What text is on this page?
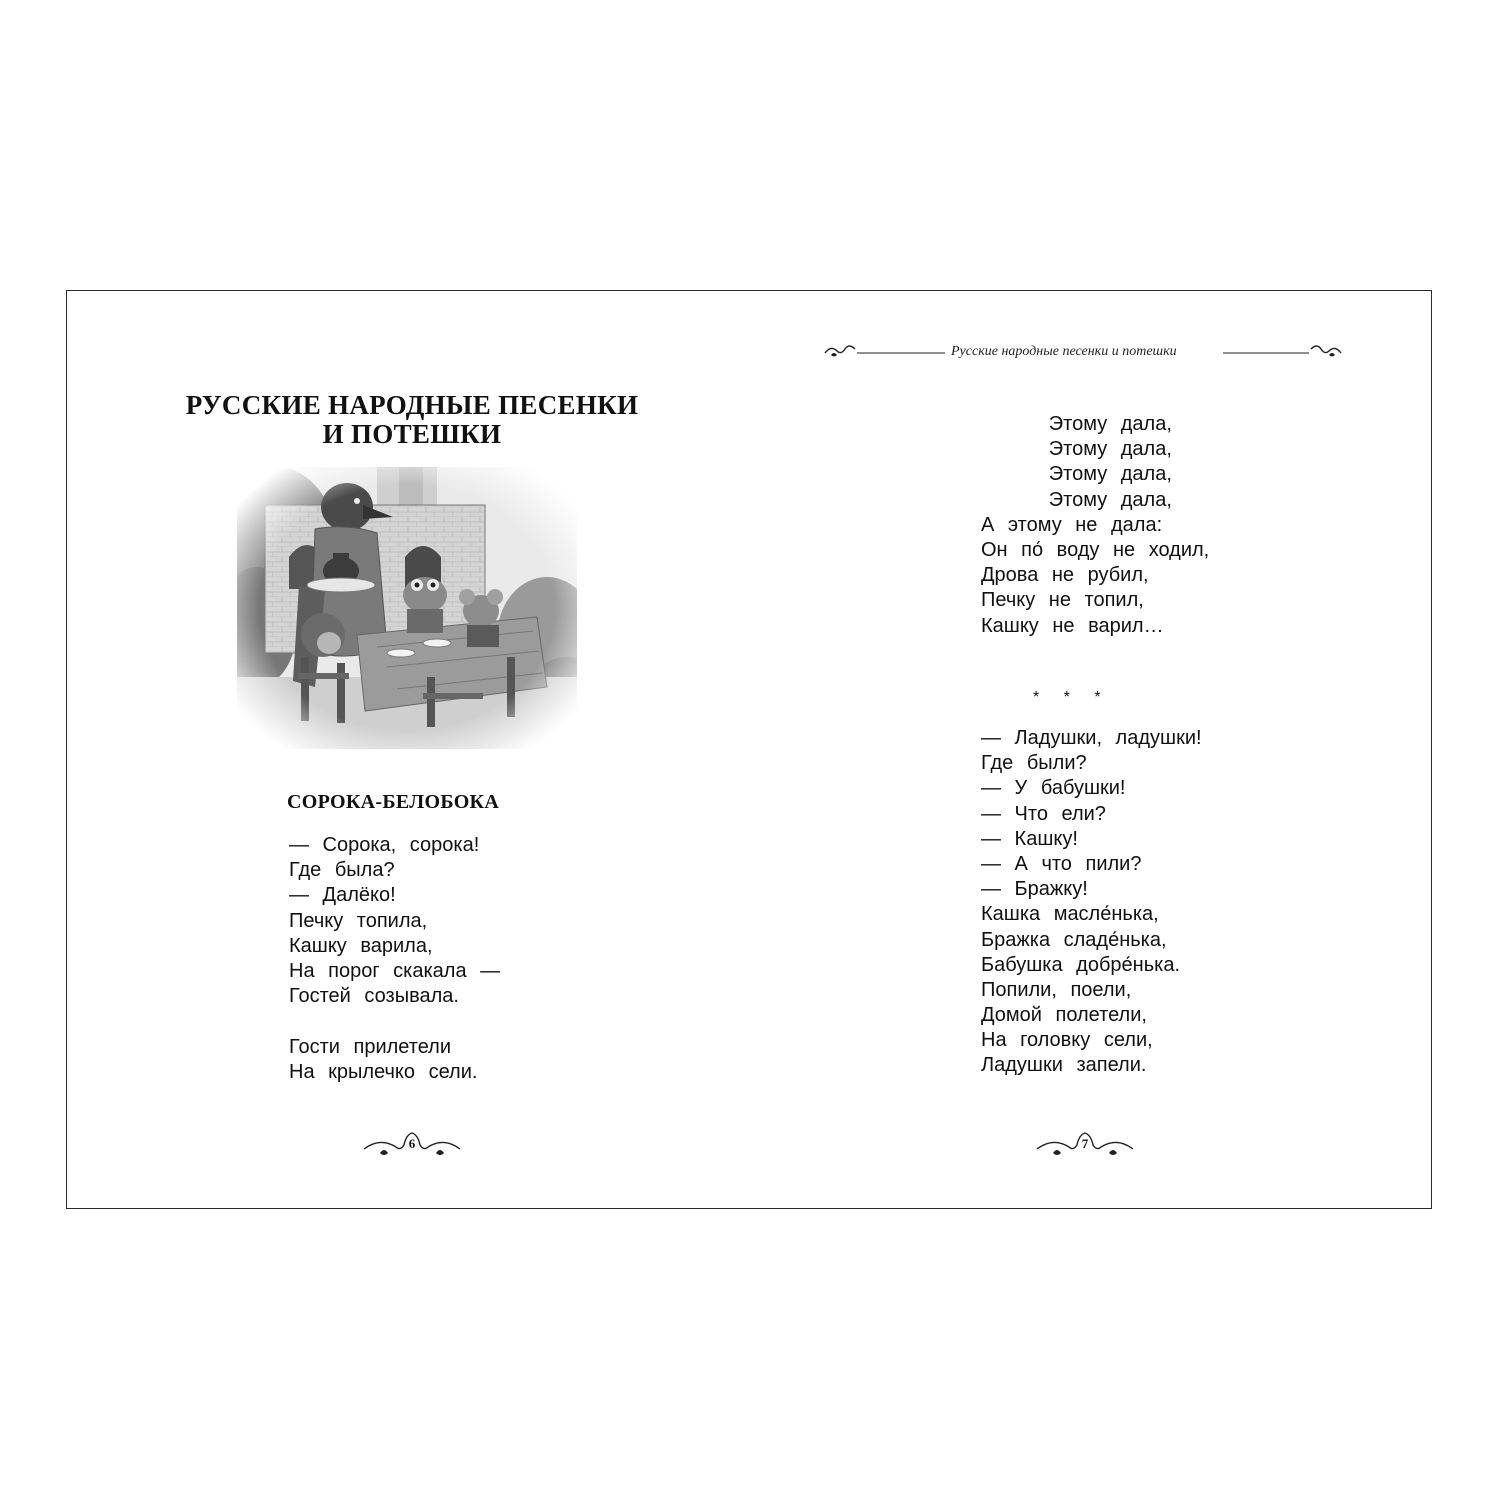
РУССКИЕ НАРОДНЫЕ ПЕСЕНКИ
И ПОТЕШКИ
СОРОКА-БЕЛОБОКА
— Сорока, сорока!
Где была?
— Далёко!
Печку топила,
Кашку варила,
На порог скакала —
Гостей созывала.
Гости прилетели
На крылечко сели.
6
Русские народные песенки и потешки
Этому дала,
Этому дала,
Этому дала,
Этому дала,
А этому не дала:
Он по́ воду не ходил,
Дрова не рубил,
Печку не топил,
Кашку не варил…
* * *
— Ладушки, ладушки!
Где были?
— У бабушки!
— Что ели?
— Кашку!
— А что пили?
— Бражку!
Кашка масле́нька,
Бражка сладе́нька,
Бабушка добре́нька.
Попили, поели,
Домой полетели,
На головку сели,
Ладушки запели.
7
